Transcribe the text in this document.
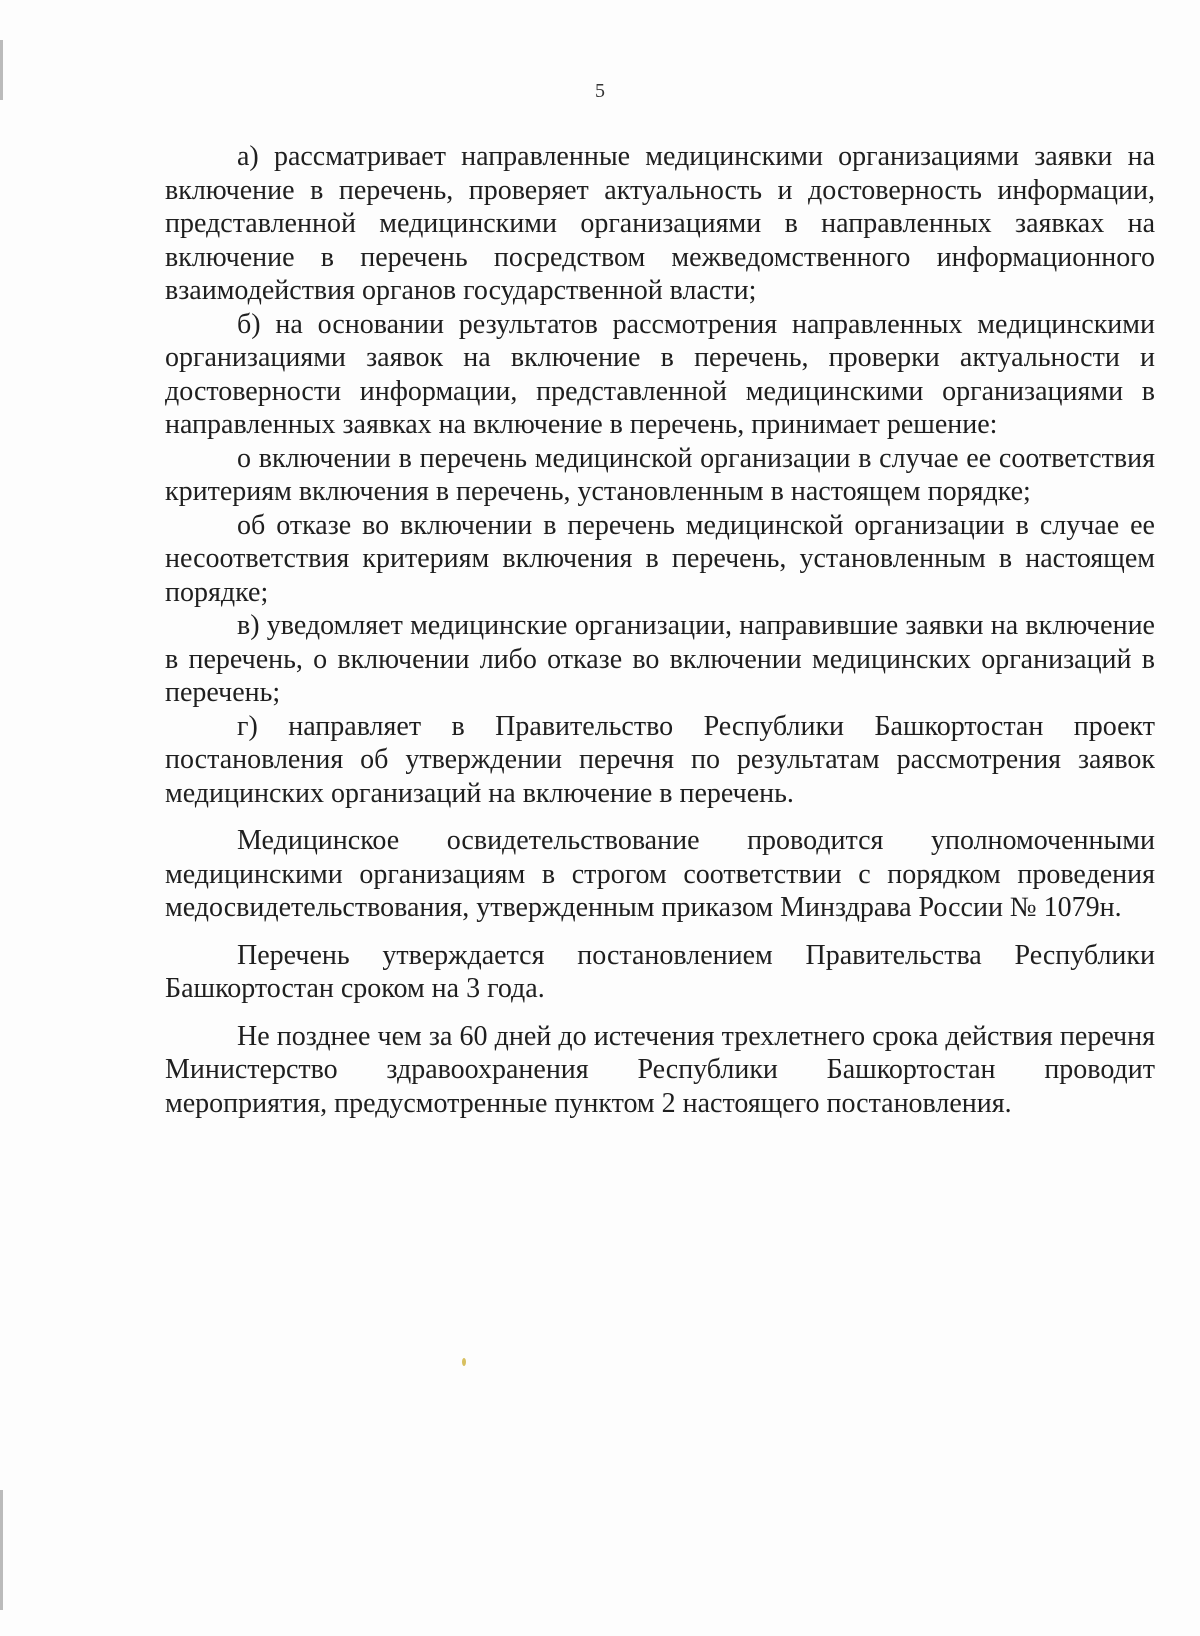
5

а) рассматривает направленные медицинскими организациями заявки на включение в перечень, проверяет актуальность и достоверность информации, представленной медицинскими организациями в направленных заявках на включение в перечень посредством межведомственного информационного взаимодействия органов государственной власти;

б) на основании результатов рассмотрения направленных медицинскими организациями заявок на включение в перечень, проверки актуальности и достоверности информации, представленной медицинскими организациями в направленных заявках на включение в перечень, принимает решение:

о включении в перечень медицинской организации в случае ее соответствия критериям включения в перечень, установленным в настоящем порядке;

об отказе во включении в перечень медицинской организации в случае ее несоответствия критериям включения в перечень, установленным в настоящем порядке;

в) уведомляет медицинские организации, направившие заявки на включение в перечень, о включении либо отказе во включении медицинских организаций в перечень;

г) направляет в Правительство Республики Башкортостан проект постановления об утверждении перечня по результатам рассмотрения заявок медицинских организаций на включение в перечень.

Медицинское освидетельствование проводится уполномоченными медицинскими организациям в строгом соответствии с порядком проведения медосвидетельствования, утвержденным приказом Минздрава России № 1079н.

Перечень утверждается постановлением Правительства Республики Башкортостан сроком на 3 года.

Не позднее чем за 60 дней до истечения трехлетнего срока действия перечня Министерство здравоохранения Республики Башкортостан проводит мероприятия, предусмотренные пунктом 2 настоящего постановления.
